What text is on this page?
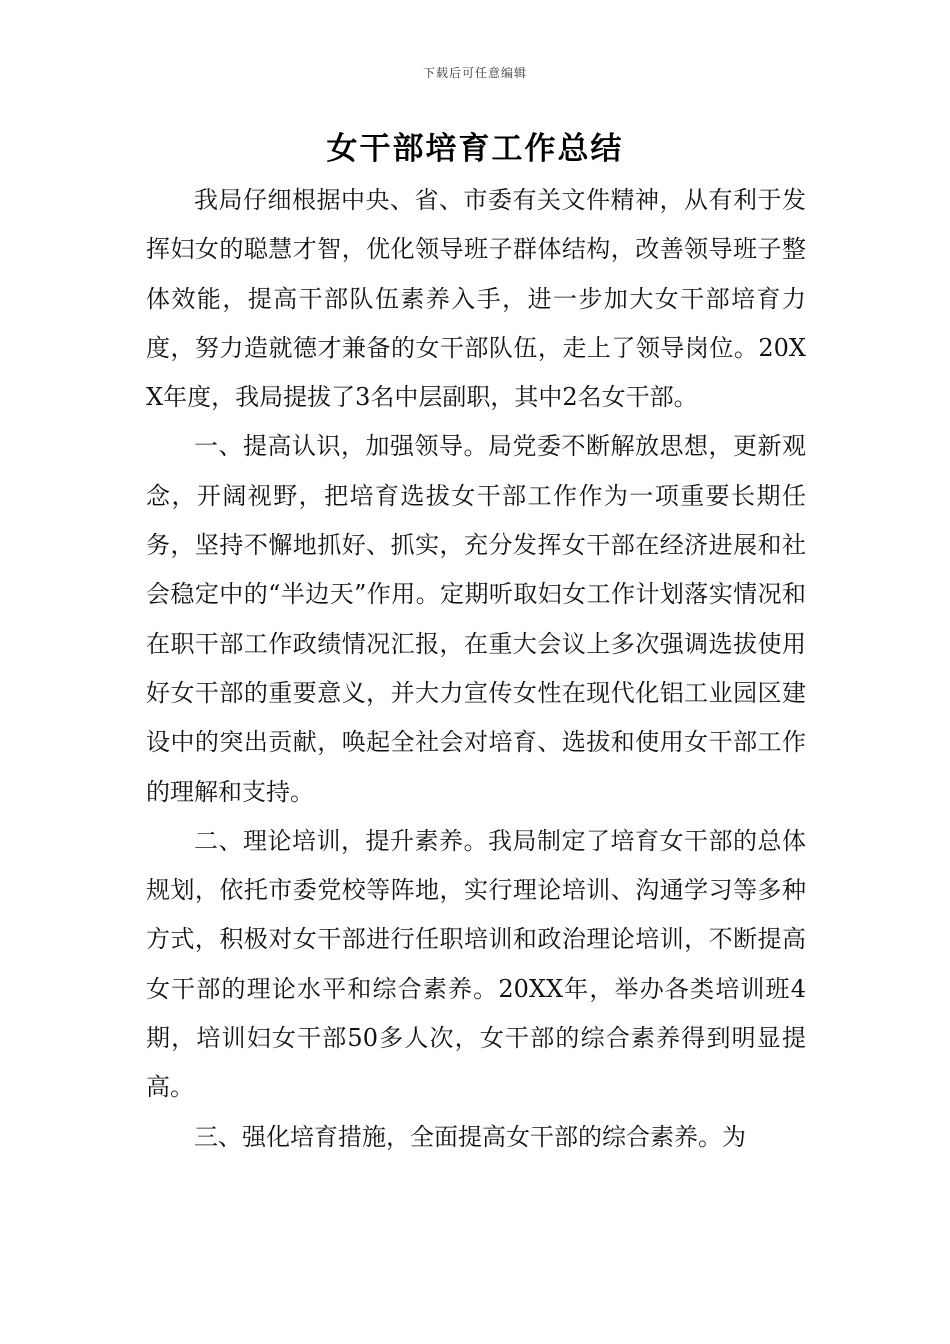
下载后可任意编辑
女干部培育工作总结

我局仔细根据中央、省、市委有关文件精神，从有利于发挥妇女的聪慧才智，优化领导班子群体结构，改善领导班子整体效能，提高干部队伍素养入手，进一步加大女干部培育力度，努力造就德才兼备的女干部队伍，走上了领导岗位。20XX年度，我局提拔了3名中层副职，其中2名女干部。

一、提高认识，加强领导。局党委不断解放思想，更新观念，开阔视野，把培育选拔女干部工作作为一项重要长期任务，坚持不懈地抓好、抓实，充分发挥女干部在经济进展和社会稳定中的“半边天”作用。定期听取妇女工作计划落实情况和在职干部工作政绩情况汇报，在重大会议上多次强调选拔使用好女干部的重要意义，并大力宣传女性在现代化铝工业园区建设中的突出贡献，唤起全社会对培育、选拔和使用女干部工作的理解和支持。

二、理论培训，提升素养。我局制定了培育女干部的总体规划，依托市委党校等阵地，实行理论培训、沟通学习等多种方式，积极对女干部进行任职培训和政治理论培训，不断提高女干部的理论水平和综合素养。20XX年，举办各类培训班4期，培训妇女干部50多人次，女干部的综合素养得到明显提高。

三、强化培育措施，全面提高女干部的综合素养。为
